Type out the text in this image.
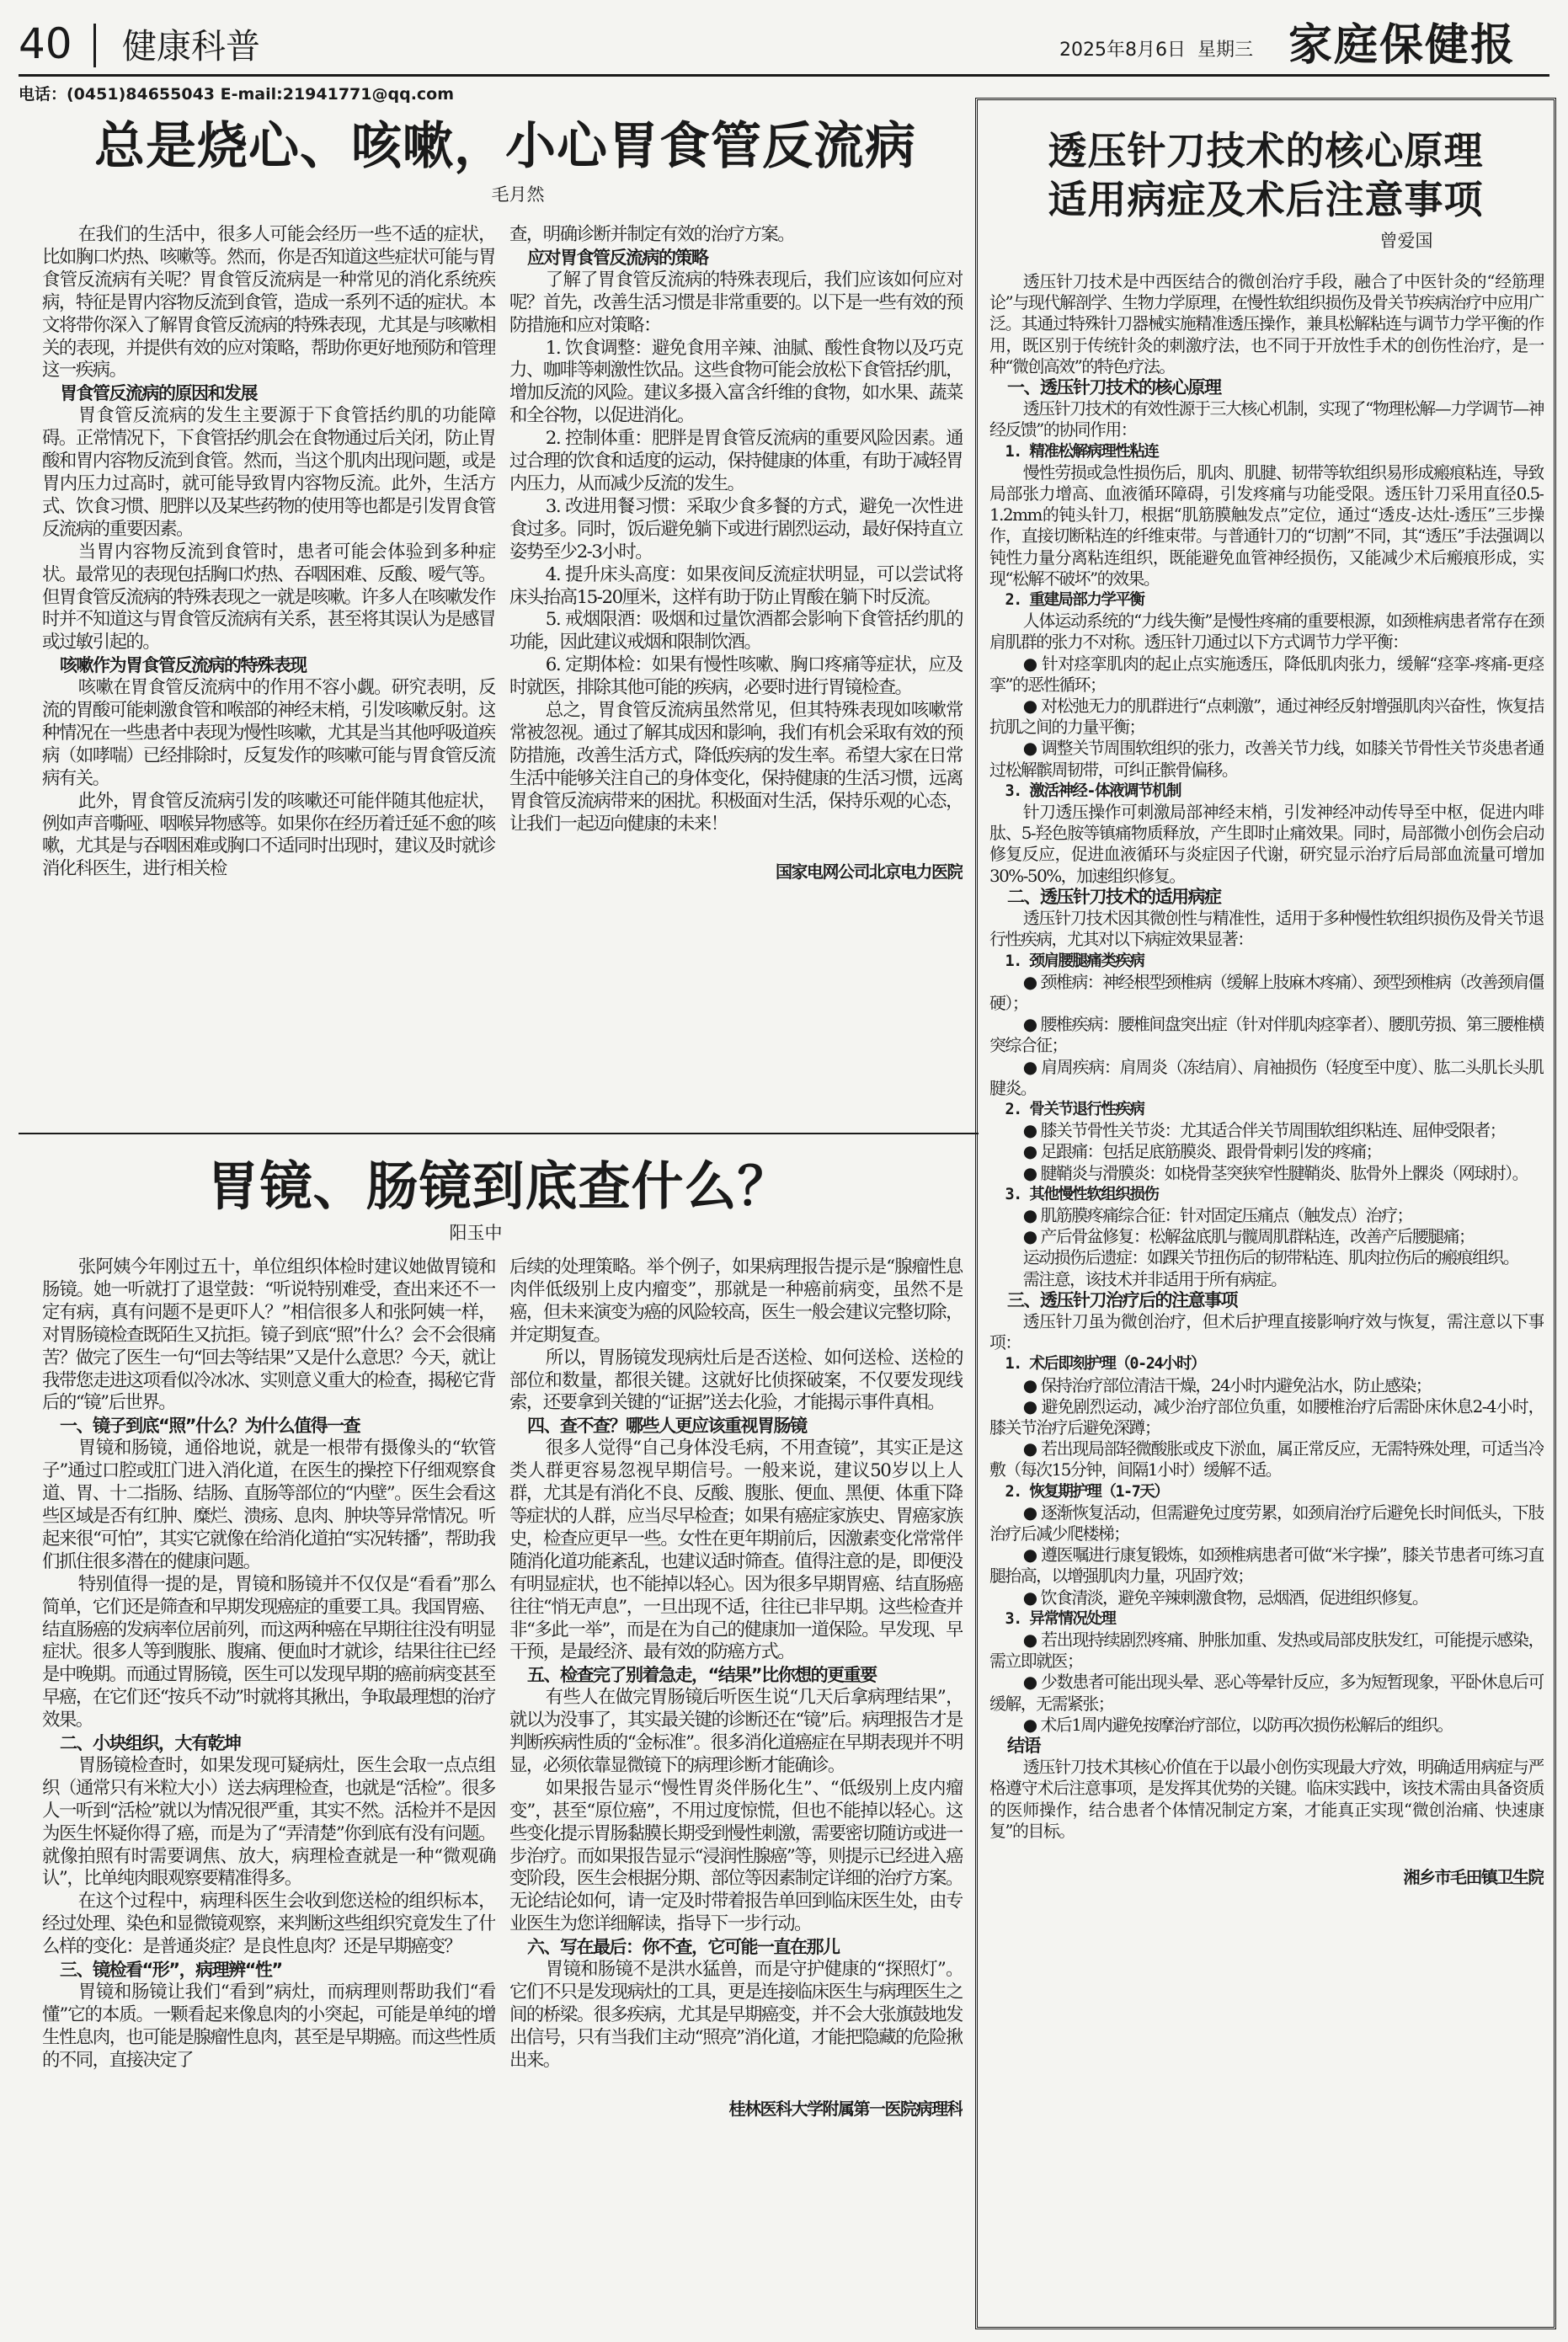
40 健康科普	2025年8月6日 星期三 家庭保健报
电话：(0451)84655043 E-mail:21941771@qq.com
总是烧心、咳嗽，小心胃食管反流病
毛月然
在我们的生活中，很多人可能会经历一些不适的症状，比如胸口灼热、咳嗽等。然而，你是否知道这些症状可能与胃食管反流病有关呢？胃食管反流病是一种常见的消化系统疾病，特征是胃内容物反流到食管，造成一系列不适的症状。本文将带你深入了解胃食管反流病的特殊表现，尤其是与咳嗽相关的表现，并提供有效的应对策略，帮助你更好地预防和管理这一疾病。
胃食管反流病的原因和发展
胃食管反流病的发生主要源于下食管括约肌的功能障碍。正常情况下，下食管括约肌会在食物通过后关闭，防止胃酸和胃内容物反流到食管。然而，当这个肌肉出现问题，或是胃内压力过高时，就可能导致胃内容物反流。此外，生活方式、饮食习惯、肥胖以及某些药物的使用等也都是引发胃食管反流病的重要因素。
当胃内容物反流到食管时，患者可能会体验到多种症状。最常见的表现包括胸口灼热、吞咽困难、反酸、嗳气等。但胃食管反流病的特殊表现之一就是咳嗽。许多人在咳嗽发作时并不知道这与胃食管反流病有关系，甚至将其误认为是感冒或过敏引起的。
咳嗽作为胃食管反流病的特殊表现
咳嗽在胃食管反流病中的作用不容小觑。研究表明，反流的胃酸可能刺激食管和喉部的神经末梢，引发咳嗽反射。这种情况在一些患者中表现为慢性咳嗽，尤其是当其他呼吸道疾病（如哮喘）已经排除时，反复发作的咳嗽可能与胃食管反流病有关。
此外，胃食管反流病引发的咳嗽还可能伴随其他症状，例如声音嘶哑、咽喉异物感等。如果你在经历着迁延不愈的咳嗽，尤其是与吞咽困难或胸口不适同时出现时，建议及时就诊消化科医生，进行相关检
查，明确诊断并制定有效的治疗方案。
应对胃食管反流病的策略
了解了胃食管反流病的特殊表现后，我们应该如何应对呢？首先，改善生活习惯是非常重要的。以下是一些有效的预防措施和应对策略：
1. 饮食调整：避免食用辛辣、油腻、酸性食物以及巧克力、咖啡等刺激性饮品。这些食物可能会放松下食管括约肌，增加反流的风险。建议多摄入富含纤维的食物，如水果、蔬菜和全谷物，以促进消化。
2. 控制体重：肥胖是胃食管反流病的重要风险因素。通过合理的饮食和适度的运动，保持健康的体重，有助于减轻胃内压力，从而减少反流的发生。
3. 改进用餐习惯：采取少食多餐的方式，避免一次性进食过多。同时，饭后避免躺下或进行剧烈运动，最好保持直立姿势至少2-3小时。
4. 提升床头高度：如果夜间反流症状明显，可以尝试将床头抬高15-20厘米，这样有助于防止胃酸在躺下时反流。
5. 戒烟限酒：吸烟和过量饮酒都会影响下食管括约肌的功能，因此建议戒烟和限制饮酒。
6. 定期体检：如果有慢性咳嗽、胸口疼痛等症状，应及时就医，排除其他可能的疾病，必要时进行胃镜检查。
总之，胃食管反流病虽然常见，但其特殊表现如咳嗽常常被忽视。通过了解其成因和影响，我们有机会采取有效的预防措施，改善生活方式，降低疾病的发生率。希望大家在日常生活中能够关注自己的身体变化，保持健康的生活习惯，远离胃食管反流病带来的困扰。积极面对生活，保持乐观的心态，让我们一起迈向健康的未来！
国家电网公司北京电力医院
胃镜、肠镜到底查什么？
阳玉中
张阿姨今年刚过五十，单位组织体检时建议她做胃镜和肠镜。她一听就打了退堂鼓：“听说特别难受，查出来还不一定有病，真有问题不是更吓人？”相信很多人和张阿姨一样，对胃肠镜检查既陌生又抗拒。镜子到底“照”什么？会不会很痛苦？做完了医生一句“回去等结果”又是什么意思？今天，就让我带您走进这项看似冷冰冰、实则意义重大的检查，揭秘它背后的“镜”后世界。
一、镜子到底“照”什么？为什么值得一查
胃镜和肠镜，通俗地说，就是一根带有摄像头的“软管子”通过口腔或肛门进入消化道，在医生的操控下仔细观察食道、胃、十二指肠、结肠、直肠等部位的“内壁”。医生会看这些区域是否有红肿、糜烂、溃疡、息肉、肿块等异常情况。听起来很“可怕”，其实它就像在给消化道拍“实况转播”，帮助我们抓住很多潜在的健康问题。
特别值得一提的是，胃镜和肠镜并不仅仅是“看看”那么简单，它们还是筛查和早期发现癌症的重要工具。我国胃癌、结直肠癌的发病率位居前列，而这两种癌在早期往往没有明显症状。很多人等到腹胀、腹痛、便血时才就诊，结果往往已经是中晚期。而通过胃肠镜，医生可以发现早期的癌前病变甚至早癌，在它们还“按兵不动”时就将其揪出，争取最理想的治疗效果。
二、小块组织，大有乾坤
胃肠镜检查时，如果发现可疑病灶，医生会取一点点组织（通常只有米粒大小）送去病理检查，也就是“活检”。很多人一听到“活检”就以为情况很严重，其实不然。活检并不是因为医生怀疑你得了癌，而是为了“弄清楚”你到底有没有问题。就像拍照有时需要调焦、放大，病理检查就是一种“微观确认”，比单纯肉眼观察要精准得多。
在这个过程中，病理科医生会收到您送检的组织标本，经过处理、染色和显微镜观察，来判断这些组织究竟发生了什么样的变化：是普通炎症？是良性息肉？还是早期癌变？
三、镜检看“形”，病理辨“性”
胃镜和肠镜让我们“看到”病灶，而病理则帮助我们“看懂”它的本质。一颗看起来像息肉的小突起，可能是单纯的增生性息肉，也可能是腺瘤性息肉，甚至是早期癌。而这些性质的不同，直接决定了
后续的处理策略。举个例子，如果病理报告提示是“腺瘤性息肉伴低级别上皮内瘤变”，那就是一种癌前病变，虽然不是癌，但未来演变为癌的风险较高，医生一般会建议完整切除，并定期复查。
所以，胃肠镜发现病灶后是否送检、如何送检、送检的部位和数量，都很关键。这就好比侦探破案，不仅要发现线索，还要拿到关键的“证据”送去化验，才能揭示事件真相。
四、查不查？哪些人更应该重视胃肠镜
很多人觉得“自己身体没毛病，不用查镜”，其实正是这类人群更容易忽视早期信号。一般来说，建议50岁以上人群，尤其是有消化不良、反酸、腹胀、便血、黑便、体重下降等症状的人群，应当尽早检查；如果有癌症家族史、胃癌家族史，检查应更早一些。女性在更年期前后，因激素变化常常伴随消化道功能紊乱，也建议适时筛查。值得注意的是，即便没有明显症状，也不能掉以轻心。因为很多早期胃癌、结直肠癌往往“悄无声息”，一旦出现不适，往往已非早期。这些检查并非“多此一举”，而是在为自己的健康加一道保险。早发现、早干预，是最经济、最有效的防癌方式。
五、检查完了别着急走，“结果”比你想的更重要
有些人在做完胃肠镜后听医生说“几天后拿病理结果”，就以为没事了，其实最关键的诊断还在“镜”后。病理报告才是判断疾病性质的“金标准”。很多消化道癌症在早期表现并不明显，必须依靠显微镜下的病理诊断才能确诊。
如果报告显示“慢性胃炎伴肠化生”、“低级别上皮内瘤变”，甚至“原位癌”，不用过度惊慌，但也不能掉以轻心。这些变化提示胃肠黏膜长期受到慢性刺激，需要密切随访或进一步治疗。而如果报告显示“浸润性腺癌”等，则提示已经进入癌变阶段，医生会根据分期、部位等因素制定详细的治疗方案。无论结论如何，请一定及时带着报告单回到临床医生处，由专业医生为您详细解读，指导下一步行动。
六、写在最后：你不查，它可能一直在那儿
胃镜和肠镜不是洪水猛兽，而是守护健康的“探照灯”。它们不只是发现病灶的工具，更是连接临床医生与病理医生之间的桥梁。很多疾病，尤其是早期癌变，并不会大张旗鼓地发出信号，只有当我们主动“照亮”消化道，才能把隐藏的危险揪出来。
桂林医科大学附属第一医院病理科
透压针刀技术的核心原理
适用病症及术后注意事项
曾爱国
透压针刀技术是中西医结合的微创治疗手段，融合了中医针灸的“经筋理论”与现代解剖学、生物力学原理，在慢性软组织损伤及骨关节疾病治疗中应用广泛。其通过特殊针刀器械实施精准透压操作，兼具松解粘连与调节力学平衡的作用，既区别于传统针灸的刺激疗法，也不同于开放性手术的创伤性治疗，是一种“微创高效”的特色疗法。
一、透压针刀技术的核心原理
透压针刀技术的有效性源于三大核心机制，实现了“物理松解—力学调节—神经反馈”的协同作用：
1. 精准松解病理性粘连
慢性劳损或急性损伤后，肌肉、肌腱、韧带等软组织易形成瘢痕粘连，导致局部张力增高、血液循环障碍，引发疼痛与功能受限。透压针刀采用直径0.5-1.2mm的钝头针刀，根据“肌筋膜触发点”定位，通过“透皮-达灶-透压”三步操作，直接切断粘连的纤维束带。与普通针刀的“切割”不同，其“透压”手法强调以钝性力量分离粘连组织，既能避免血管神经损伤，又能减少术后瘢痕形成，实现“松解不破坏”的效果。
2. 重建局部力学平衡
人体运动系统的“力线失衡”是慢性疼痛的重要根源，如颈椎病患者常存在颈肩肌群的张力不对称。透压针刀通过以下方式调节力学平衡：
● 针对痉挛肌肉的起止点实施透压，降低肌肉张力，缓解“痉挛-疼痛-更痉挛”的恶性循环；
● 对松弛无力的肌群进行“点刺激”，通过神经反射增强肌肉兴奋性，恢复拮抗肌之间的力量平衡；
● 调整关节周围软组织的张力，改善关节力线，如膝关节骨性关节炎患者通过松解髌周韧带，可纠正髌骨偏移。
3. 激活神经-体液调节机制
针刀透压操作可刺激局部神经末梢，引发神经冲动传导至中枢，促进内啡肽、5-羟色胺等镇痛物质释放，产生即时止痛效果。同时，局部微小创伤会启动修复反应，促进血液循环与炎症因子代谢，研究显示治疗后局部血流量可增加30%-50%，加速组织修复。
二、透压针刀技术的适用病症
透压针刀技术因其微创性与精准性，适用于多种慢性软组织损伤及骨关节退行性疾病，尤其对以下病症效果显著：
1. 颈肩腰腿痛类疾病
● 颈椎病：神经根型颈椎病（缓解上肢麻木疼痛）、颈型颈椎病（改善颈肩僵硬）；
● 腰椎疾病：腰椎间盘突出症（针对伴肌肉痉挛者）、腰肌劳损、第三腰椎横突综合征；
● 肩周疾病：肩周炎（冻结肩）、肩袖损伤（轻度至中度）、肱二头肌长头肌腱炎。
2. 骨关节退行性疾病
● 膝关节骨性关节炎：尤其适合伴关节周围软组织粘连、屈伸受限者；
● 足跟痛：包括足底筋膜炎、跟骨骨刺引发的疼痛；
● 腱鞘炎与滑膜炎：如桡骨茎突狭窄性腱鞘炎、肱骨外上髁炎（网球肘）。
3. 其他慢性软组织损伤
● 肌筋膜疼痛综合征：针对固定压痛点（触发点）治疗；
● 产后骨盆修复：松解盆底肌与髋周肌群粘连，改善产后腰腿痛；
运动损伤后遗症：如踝关节扭伤后的韧带粘连、肌肉拉伤后的瘢痕组织。
需注意，该技术并非适用于所有病症。
三、透压针刀治疗后的注意事项
透压针刀虽为微创治疗，但术后护理直接影响疗效与恢复，需注意以下事项：
1. 术后即刻护理（0-24小时）
● 保持治疗部位清洁干燥，24小时内避免沾水，防止感染；
● 避免剧烈运动，减少治疗部位负重，如腰椎治疗后需卧床休息2-4小时，膝关节治疗后避免深蹲；
● 若出现局部轻微酸胀或皮下淤血，属正常反应，无需特殊处理，可适当冷敷（每次15分钟，间隔1小时）缓解不适。
2. 恢复期护理（1-7天）
● 逐渐恢复活动，但需避免过度劳累，如颈肩治疗后避免长时间低头，下肢治疗后减少爬楼梯；
● 遵医嘱进行康复锻炼，如颈椎病患者可做“米字操”，膝关节患者可练习直腿抬高，以增强肌肉力量，巩固疗效；
● 饮食清淡，避免辛辣刺激食物，忌烟酒，促进组织修复。
3. 异常情况处理
● 若出现持续剧烈疼痛、肿胀加重、发热或局部皮肤发红，可能提示感染，需立即就医；
● 少数患者可能出现头晕、恶心等晕针反应，多为短暂现象，平卧休息后可缓解，无需紧张；
● 术后1周内避免按摩治疗部位，以防再次损伤松解后的组织。
结语
透压针刀技术其核心价值在于以最小创伤实现最大疗效，明确适用病症与严格遵守术后注意事项，是发挥其优势的关键。临床实践中，该技术需由具备资质的医师操作，结合患者个体情况制定方案，才能真正实现“微创治痛、快速康复”的目标。
湘乡市毛田镇卫生院
